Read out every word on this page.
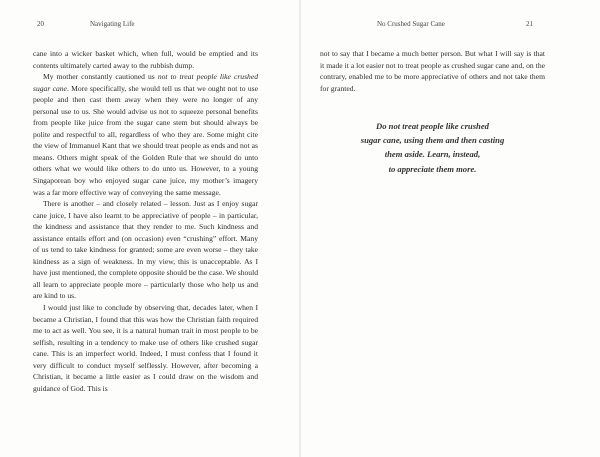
20	Navigating Life

cane into a wicker basket which, when full, would be emptied and its contents ultimately carted away to the rubbish dump.

My mother constantly cautioned us not to treat people like crushed sugar cane. More specifically, she would tell us that we ought not to use people and then cast them away when they were no longer of any personal use to us. She would advise us not to squeeze personal benefits from people like juice from the sugar cane stem but should always be polite and respectful to all, regardless of who they are. Some might cite the view of Immanuel Kant that we should treat people as ends and not as means. Others might speak of the Golden Rule that we should do unto others what we would like others to do unto us. However, to a young Singaporean boy who enjoyed sugar cane juice, my mother’s imagery was a far more effective way of conveying the same message.

There is another – and closely related – lesson. Just as I enjoy sugar cane juice, I have also learnt to be appreciative of people – in particular, the kindness and assistance that they render to me. Such kindness and assistance entails effort and (on occasion) even “crushing” effort. Many of us tend to take kindness for granted; some are even worse – they take kindness as a sign of weakness. In my view, this is unacceptable. As I have just mentioned, the complete opposite should be the case. We should all learn to appreciate people more – particularly those who help us and are kind to us.

I would just like to conclude by observing that, decades later, when I became a Christian, I found that this was how the Christian faith required me to act as well. You see, it is a natural human trait in most people to be selfish, resulting in a tendency to make use of others like crushed sugar cane. This is an imperfect world. Indeed, I must confess that I found it very difficult to conduct myself selflessly. However, after becoming a Christian, it became a little easier as I could draw on the wisdom and guidance of God. This is

No Crushed Sugar Cane	21

not to say that I became a much better person. But what I will say is that it made it a lot easier not to treat people as crushed sugar cane and, on the contrary, enabled me to be more appreciative of others and not take them for granted.

Do not treat people like crushed
sugar cane, using them and then casting
them aside. Learn, instead,
to appreciate them more.
